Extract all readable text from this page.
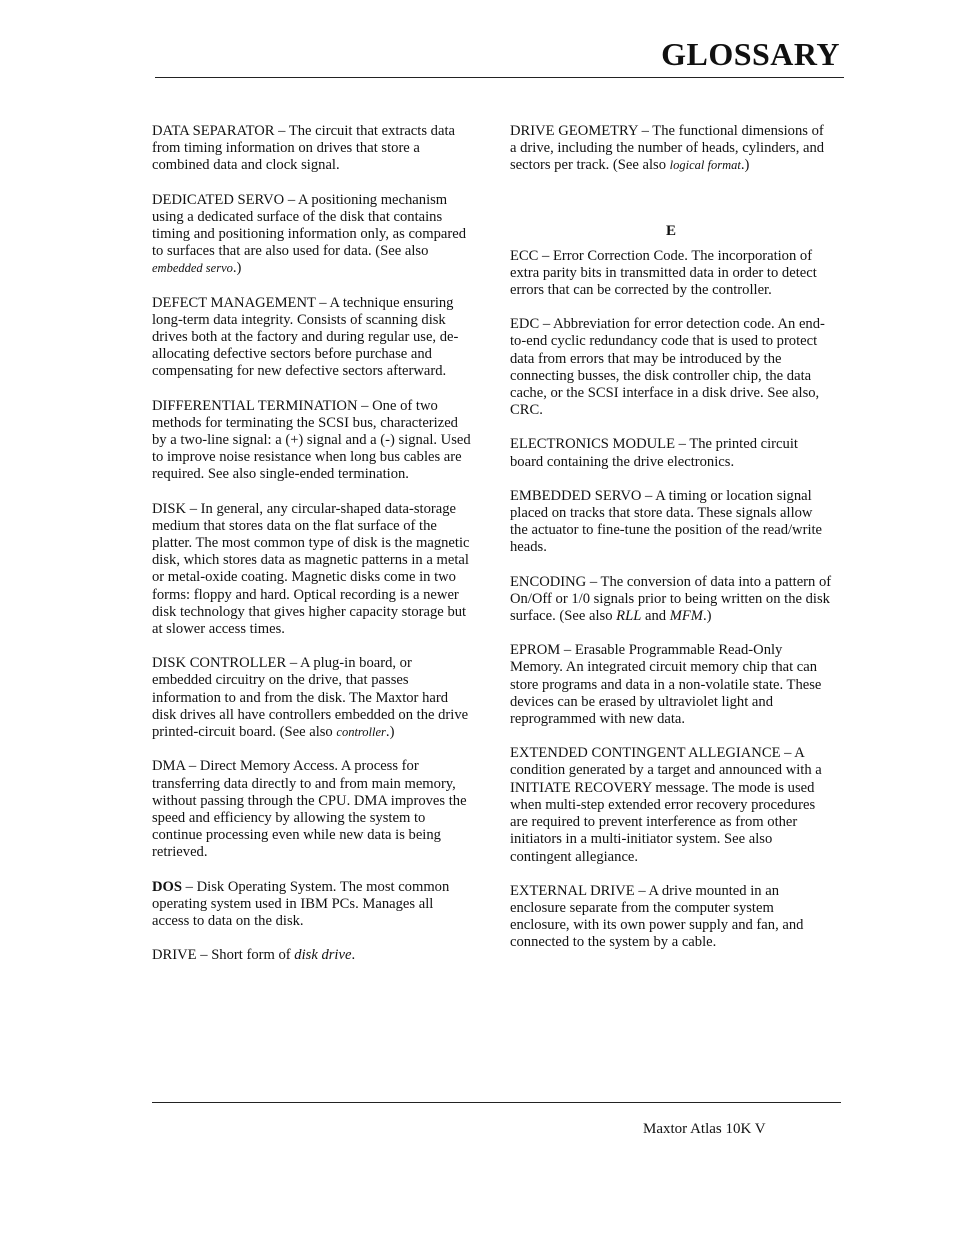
GLOSSARY

DATA SEPARATOR – The circuit that extracts data from timing information on drives that store a combined data and clock signal.

DEDICATED SERVO – A positioning mechanism using a dedicated surface of the disk that contains timing and positioning information only, as compared to surfaces that are also used for data. (See also embedded servo.)

DEFECT MANAGEMENT – A technique ensuring long-term data integrity. Consists of scanning disk drives both at the factory and during regular use, de-allocating defective sectors before purchase and compensating for new defective sectors afterward.

DIFFERENTIAL TERMINATION – One of two methods for terminating the SCSI bus, characterized by a two-line signal: a (+) signal and a (-) signal. Used to improve noise resistance when long bus cables are required. See also single-ended termination.

DISK – In general, any circular-shaped data-storage medium that stores data on the flat surface of the platter. The most common type of disk is the magnetic disk, which stores data as magnetic patterns in a metal or metal-oxide coating. Magnetic disks come in two forms: floppy and hard. Optical recording is a newer disk technology that gives higher capacity storage but at slower access times.

DISK CONTROLLER – A plug-in board, or embedded circuitry on the drive, that passes information to and from the disk. The Maxtor hard disk drives all have controllers embedded on the drive printed-circuit board. (See also controller.)

DMA – Direct Memory Access. A process for transferring data directly to and from main memory, without passing through the CPU. DMA improves the speed and efficiency by allowing the system to continue processing even while new data is being retrieved.

DOS – Disk Operating System. The most common operating system used in IBM PCs. Manages all access to data on the disk.

DRIVE – Short form of disk drive.

DRIVE GEOMETRY – The functional dimensions of a drive, including the number of heads, cylinders, and sectors per track. (See also logical format.)

E

ECC – Error Correction Code. The incorporation of extra parity bits in transmitted data in order to detect errors that can be corrected by the controller.

EDC – Abbreviation for error detection code. An end-to-end cyclic redundancy code that is used to protect data from errors that may be introduced by the connecting busses, the disk controller chip, the data cache, or the SCSI interface in a disk drive. See also, CRC.

ELECTRONICS MODULE – The printed circuit board containing the drive electronics.

EMBEDDED SERVO – A timing or location signal placed on tracks that store data. These signals allow the actuator to fine-tune the position of the read/write heads.

ENCODING – The conversion of data into a pattern of On/Off or 1/0 signals prior to being written on the disk surface. (See also RLL and MFM.)

EPROM – Erasable Programmable Read-Only Memory. An integrated circuit memory chip that can store programs and data in a non-volatile state. These devices can be erased by ultraviolet light and reprogrammed with new data.

EXTENDED CONTINGENT ALLEGIANCE – A condition generated by a target and announced with a INITIATE RECOVERY message. The mode is used when multi-step extended error recovery procedures are required to prevent interference as from other initiators in a multi-initiator system. See also contingent allegiance.

EXTERNAL DRIVE – A drive mounted in an enclosure separate from the computer system enclosure, with its own power supply and fan, and connected to the system by a cable.

Maxtor Atlas 10K V
